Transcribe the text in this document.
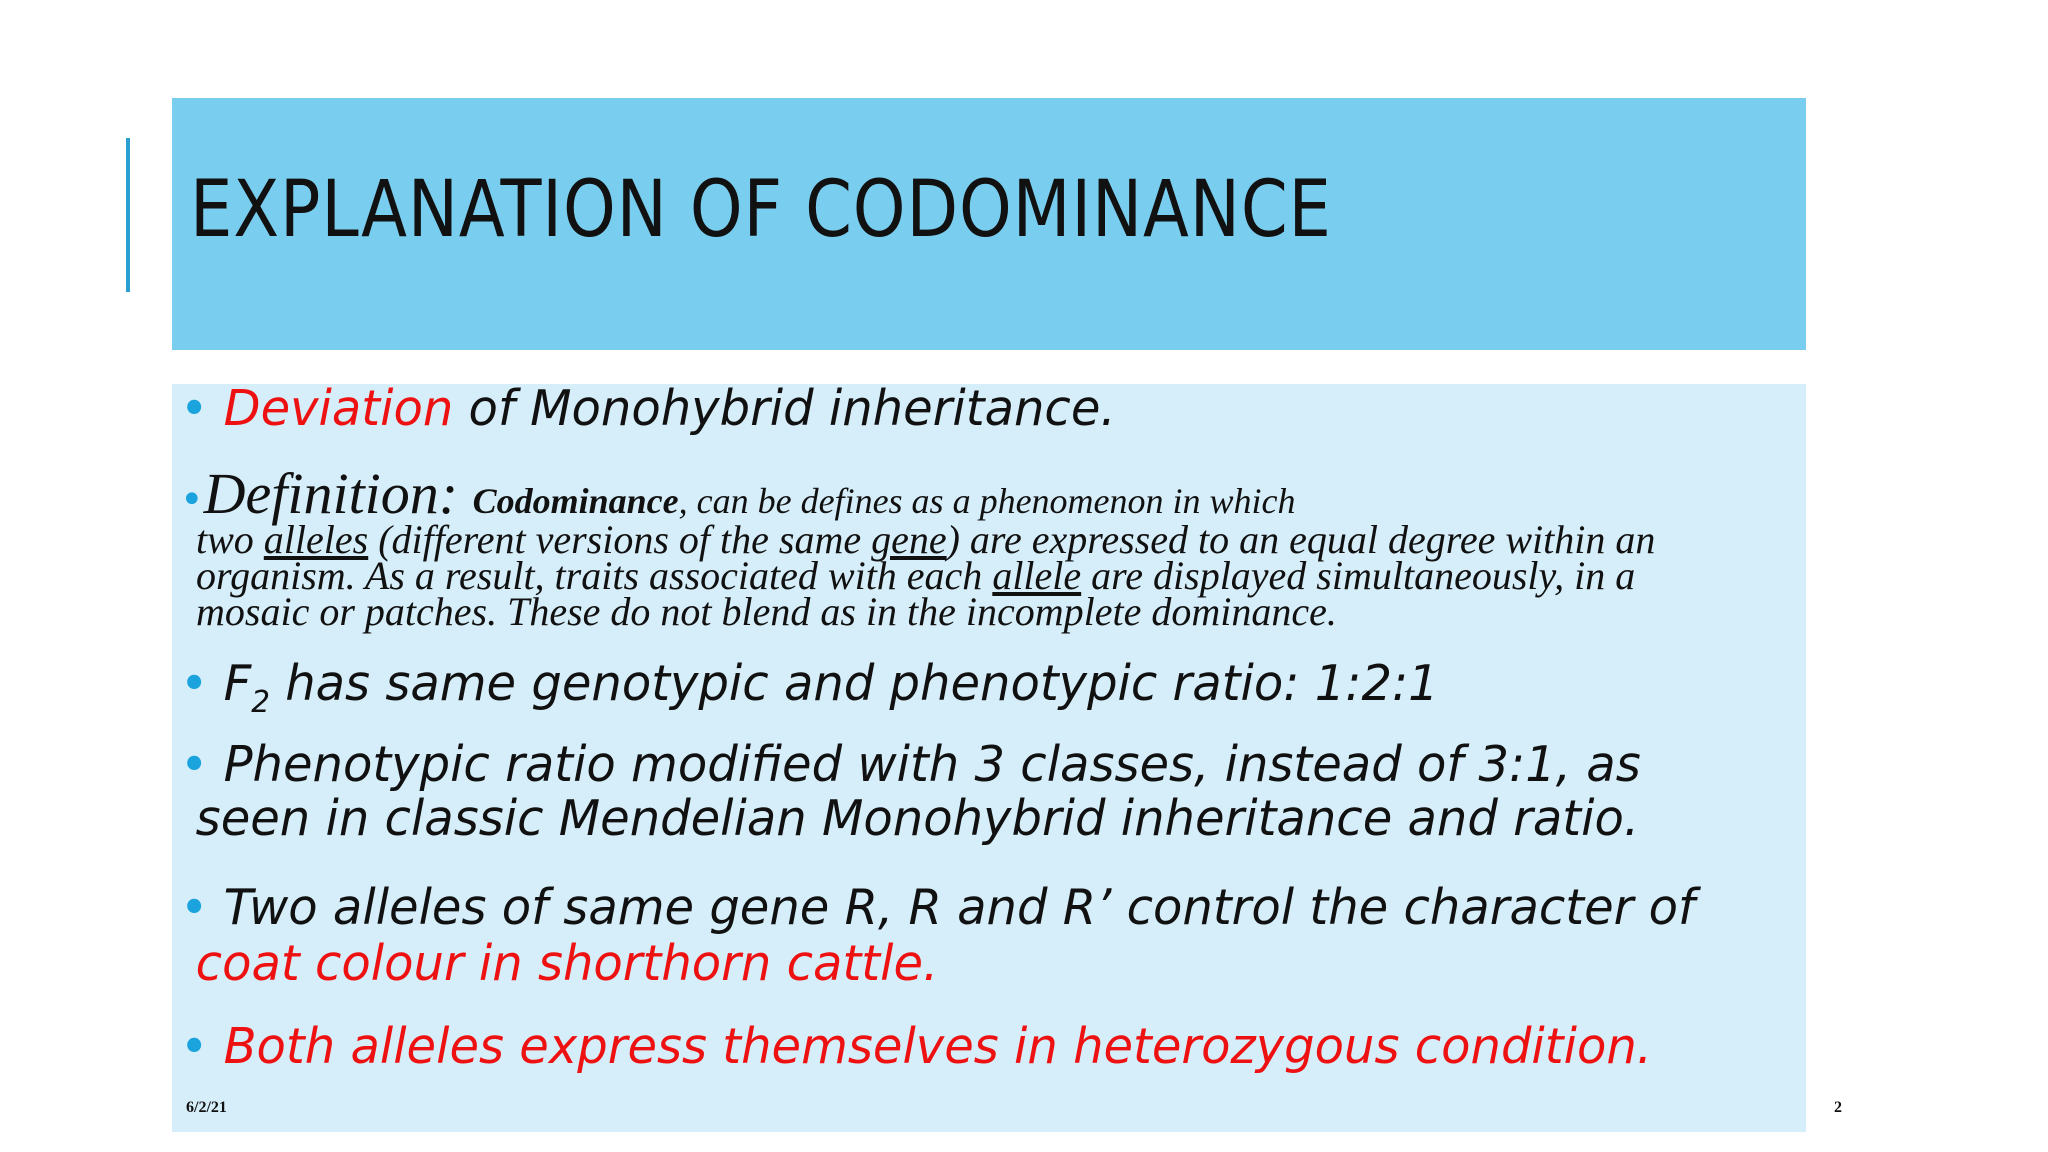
EXPLANATION OF CODOMINANCE
• Deviation of Monohybrid inheritance.
•Definition: Codominance, can be defines as a phenomenon in which
two alleles (different versions of the same gene) are expressed to an equal degree within an
organism. As a result, traits associated with each allele are displayed simultaneously, in a
mosaic or patches. These do not blend as in the incomplete dominance.
• $F_2$ has same genotypic and phenotypic ratio: 1:2:1
• Phenotypic ratio modified with 3 classes, instead of 3:1, as
seen in classic Mendelian Monohybrid inheritance and ratio.
• Two alleles of same gene R, R and R’ control the character of
coat colour in shorthorn cattle.
• Both alleles express themselves in heterozygous condition.
6/2/21	2
